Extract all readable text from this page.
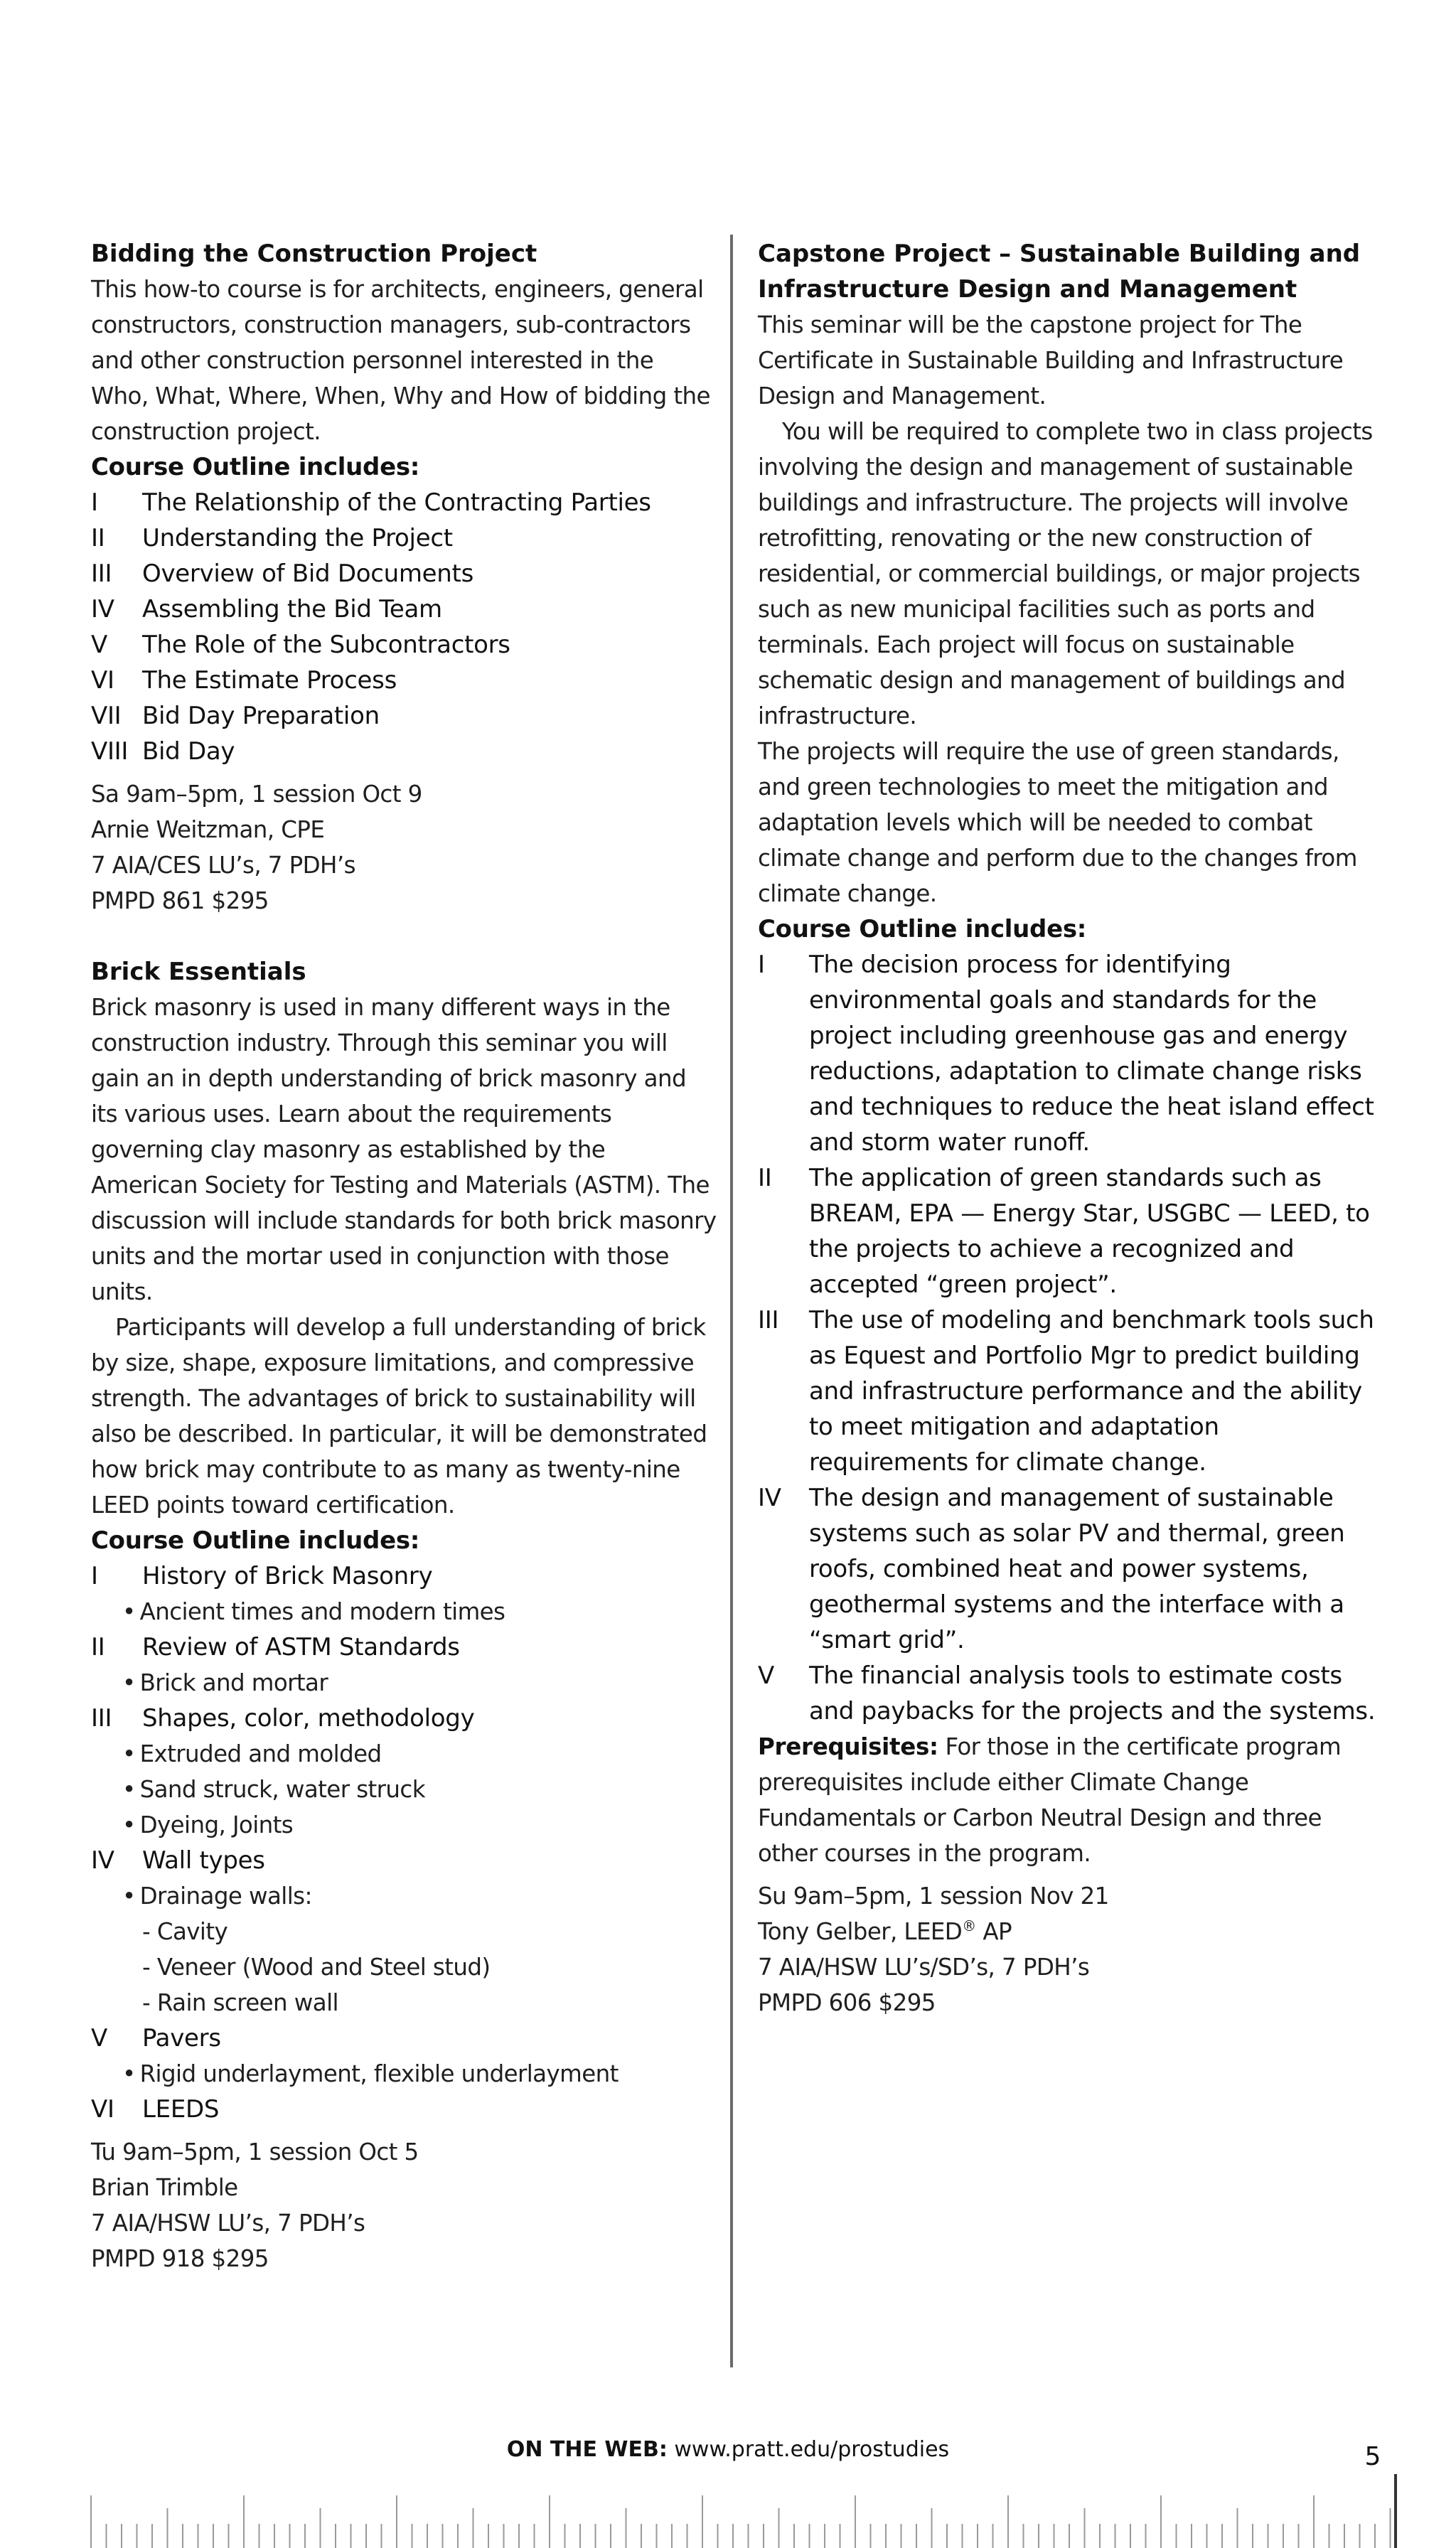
Bidding the Construction Project

This how-to course is for architects, engineers, general constructors, construction managers, sub-contractors and other construction personnel interested in the Who, What, Where, When, Why and How of bidding the construction project.

Course Outline includes:
I The Relationship of the Contracting Parties
II Understanding the Project
III Overview of Bid Documents
IV Assembling the Bid Team
V The Role of the Subcontractors
VI The Estimate Process
VII Bid Day Preparation
VIII Bid Day

Sa 9am–5pm, 1 session Oct 9

Arnie Weitzman, CPE

7 AIA/CES LU’s, 7 PDH’s

PMPD 861 $295

Brick Essentials

Brick masonry is used in many different ways in the construction industry. Through this seminar you will gain an in depth understanding of brick masonry and its various uses. Learn about the requirements governing clay masonry as established by the American Society for Testing and Materials (ASTM). The discussion will include standards for both brick masonry units and the mortar used in conjunction with those units.

Participants will develop a full understanding of brick by size, shape, exposure limitations, and compressive strength. The advantages of brick to sustainability will also be described. In particular, it will be demonstrated how brick may contribute to as many as twenty-nine LEED points toward certification.

Course Outline includes:
I History of Brick Masonry
• Ancient times and modern times
II Review of ASTM Standards
• Brick and mortar
III Shapes, color, methodology
• Extruded and molded
• Sand struck, water struck
• Dyeing, Joints
IV Wall types
• Drainage walls:
- Cavity
- Veneer (Wood and Steel stud)
- Rain screen wall
V Pavers
• Rigid underlayment, flexible underlayment
VI LEEDS

Tu 9am–5pm, 1 session Oct 5

Brian Trimble

7 AIA/HSW LU’s, 7 PDH’s

PMPD 918 $295

Capstone Project – Sustainable Building and Infrastructure Design and Management

This seminar will be the capstone project for The Certificate in Sustainable Building and Infrastructure Design and Management.

You will be required to complete two in class projects involving the design and management of sustainable buildings and infrastructure. The projects will involve retrofitting, renovating or the new construction of residential, or commercial buildings, or major projects such as new municipal facilities such as ports and terminals. Each project will focus on sustainable schematic design and management of buildings and infrastructure.

The projects will require the use of green standards, and green technologies to meet the mitigation and adaptation levels which will be needed to combat climate change and perform due to the changes from climate change.

Course Outline includes:
I The decision process for identifying environmental goals and standards for the project including greenhouse gas and energy reductions, adaptation to climate change risks and techniques to reduce the heat island effect and storm water runoff.
II The application of green standards such as BREAM, EPA — Energy Star, USGBC — LEED, to the projects to achieve a recognized and accepted “green project”.
III The use of modeling and benchmark tools such as Equest and Portfolio Mgr to predict building and infrastructure performance and the ability to meet mitigation and adaptation requirements for climate change.
IV The design and management of sustainable systems such as solar PV and thermal, green roofs, combined heat and power systems, geothermal systems and the interface with a “smart grid”.
V The financial analysis tools to estimate costs and paybacks for the projects and the systems.

Prerequisites: For those in the certificate program prerequisites include either Climate Change Fundamentals or Carbon Neutral Design and three other courses in the program.

Su 9am–5pm, 1 session Nov 21

Tony Gelber, LEED® AP

7 AIA/HSW LU’s/SD’s, 7 PDH’s

PMPD 606 $295

ON THE WEB: www.pratt.edu/prostudies	5
